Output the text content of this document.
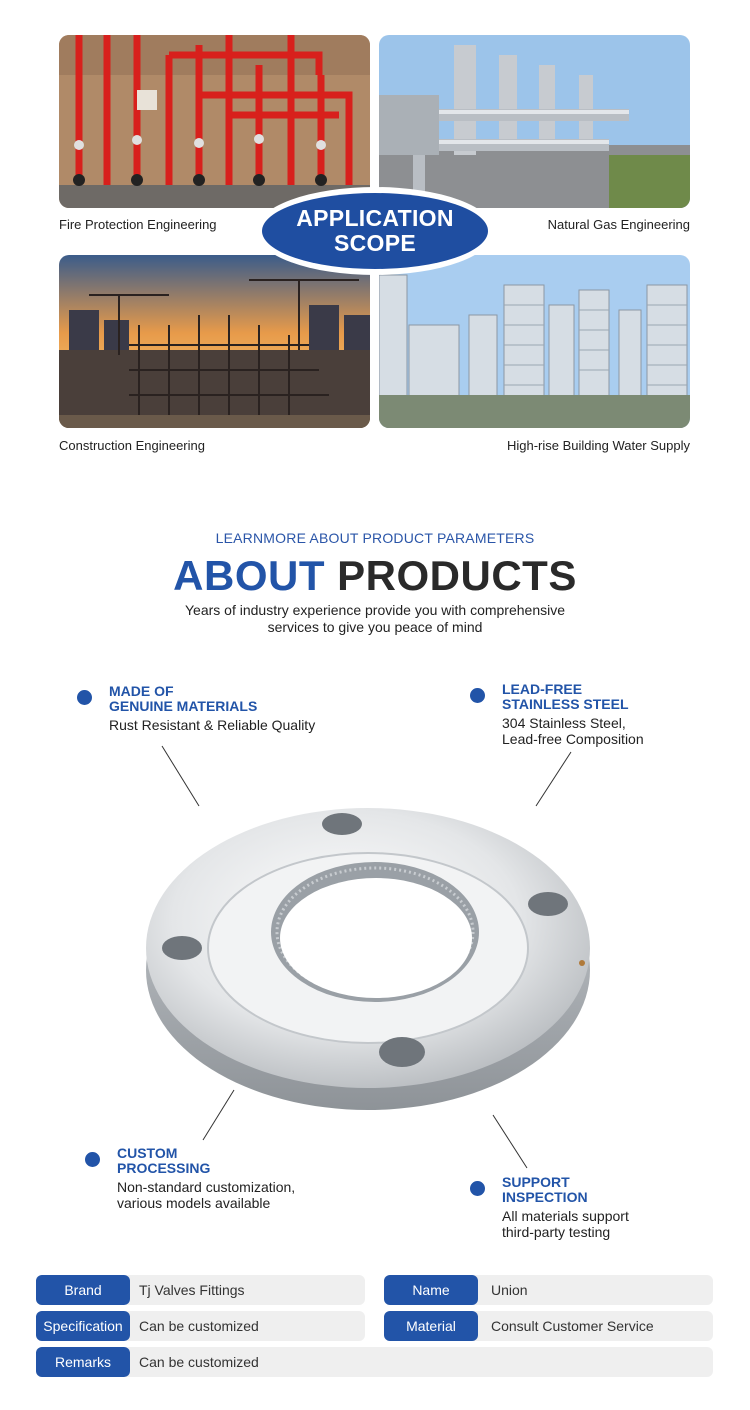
Fire Protection Engineering	Natural Gas Engineering
Construction Engineering	High-rise Building Water Supply
APPLICATION
SCOPE
LEARNMORE ABOUT PRODUCT PARAMETERS
ABOUT PRODUCTS
Years of industry experience provide you with comprehensive
services to give you peace of mind
MADE OF
GENUINE MATERIALS
Rust Resistant & Reliable Quality
LEAD-FREE
STAINLESS STEEL
304 Stainless Steel,
Lead-free Composition
CUSTOM
PROCESSING
Non-standard customization,
various models available
SUPPORT
INSPECTION
All materials support
third-party testing
Brand	Tj Valves Fittings	Name	Union
Specification	Can be customized	Material	Consult Customer Service
Remarks	Can be customized
